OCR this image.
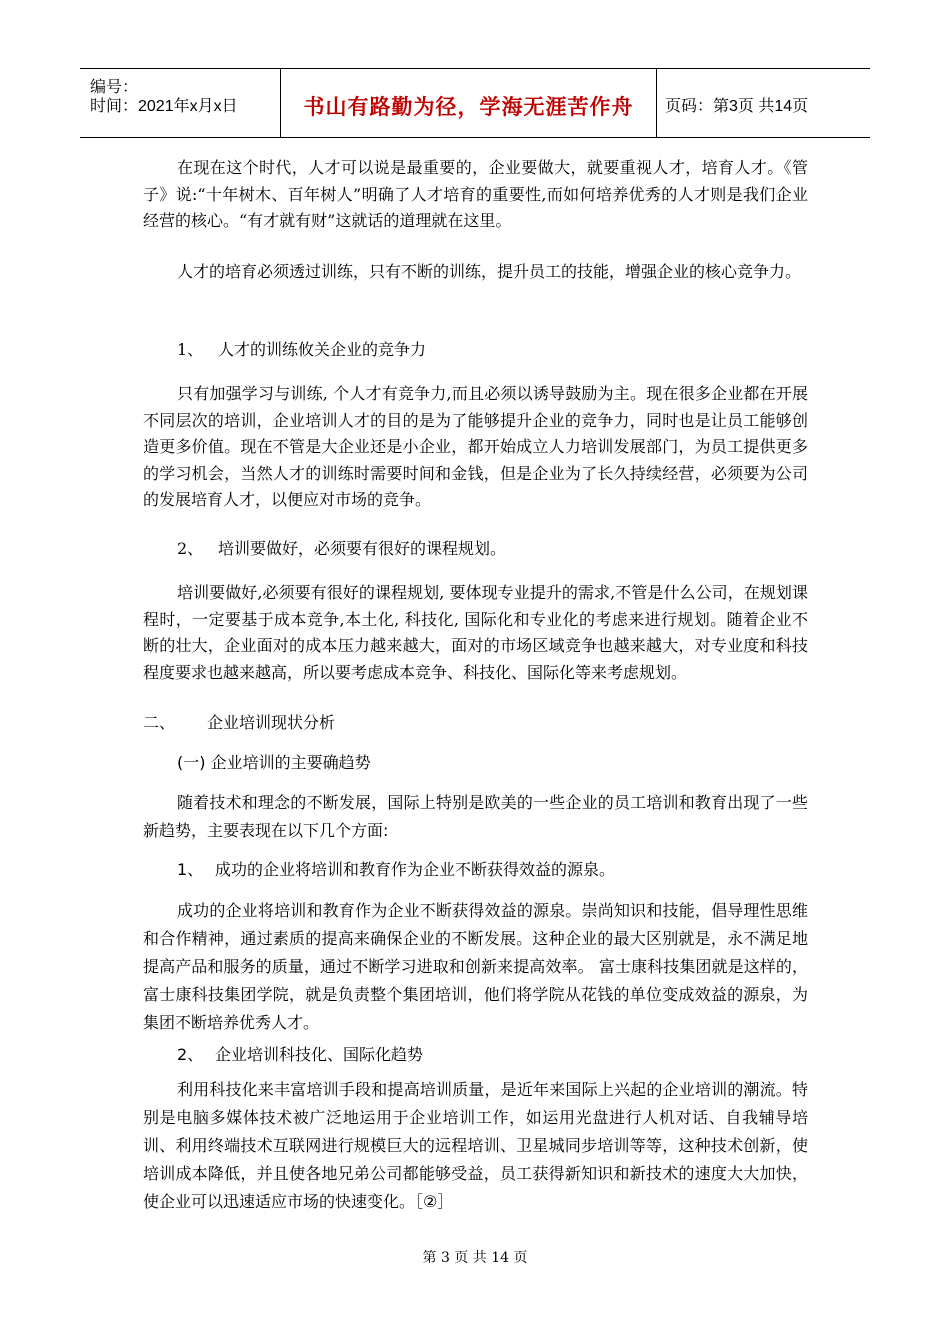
编号：
时间：2021年x月x日	书山有路勤为径，学海无涯苦作舟	页码：第3页 共14页
在现在这个时代，人才可以说是最重要的，企业要做大，就要重视人才，培育人才。《管子》说:“十年树木、百年树人”明确了人才培育的重要性,而如何培养优秀的人才则是我们企业经营的核心。“有才就有财”这就话的道理就在这里。
人才的培育必须透过训练，只有不断的训练，提升员工的技能，增强企业的核心竞争力。
1、 人才的训练攸关企业的竞争力
只有加强学习与训练, 个人才有竞争力,而且必须以诱导鼓励为主。现在很多企业都在开展不同层次的培训，企业培训人才的目的是为了能够提升企业的竞争力，同时也是让员工能够创造更多价值。现在不管是大企业还是小企业，都开始成立人力培训发展部门，为员工提供更多的学习机会，当然人才的训练时需要时间和金钱，但是企业为了长久持续经营，必须要为公司的发展培育人才，以便应对市场的竞争。
2、 培训要做好，必须要有很好的课程规划。
培训要做好,必须要有很好的课程规划, 要体现专业提升的需求,不管是什么公司，在规划课程时，一定要基于成本竞争,本土化, 科技化, 国际化和专业化的考虑来进行规划。随着企业不断的壮大，企业面对的成本压力越来越大，面对的市场区域竞争也越来越大，对专业度和科技程度要求也越来越高，所以要考虑成本竞争、科技化、国际化等来考虑规划。
二、 企业培训现状分析
(一) 企业培训的主要确趋势
随着技术和理念的不断发展，国际上特别是欧美的一些企业的员工培训和教育出现了一些新趋势，主要表现在以下几个方面:
1、 成功的企业将培训和教育作为企业不断获得效益的源泉。
成功的企业将培训和教育作为企业不断获得效益的源泉。崇尚知识和技能，倡导理性思维和合作精神，通过素质的提高来确保企业的不断发展。这种企业的最大区别就是，永不满足地提高产品和服务的质量，通过不断学习进取和创新来提高效率。 富士康科技集团就是这样的，富士康科技集团学院，就是负责整个集团培训，他们将学院从花钱的单位变成效益的源泉，为集团不断培养优秀人才。
2、 企业培训科技化、国际化趋势
利用科技化来丰富培训手段和提高培训质量，是近年来国际上兴起的企业培训的潮流。特别是电脑多媒体技术被广泛地运用于企业培训工作，如运用光盘进行人机对话、自我辅导培训、利用终端技术互联网进行规模巨大的远程培训、卫星城同步培训等等，这种技术创新，使培训成本降低，并且使各地兄弟公司都能够受益，员工获得新知识和新技术的速度大大加快，使企业可以迅速适应市场的快速变化。［②］
第 3 页 共 14 页
